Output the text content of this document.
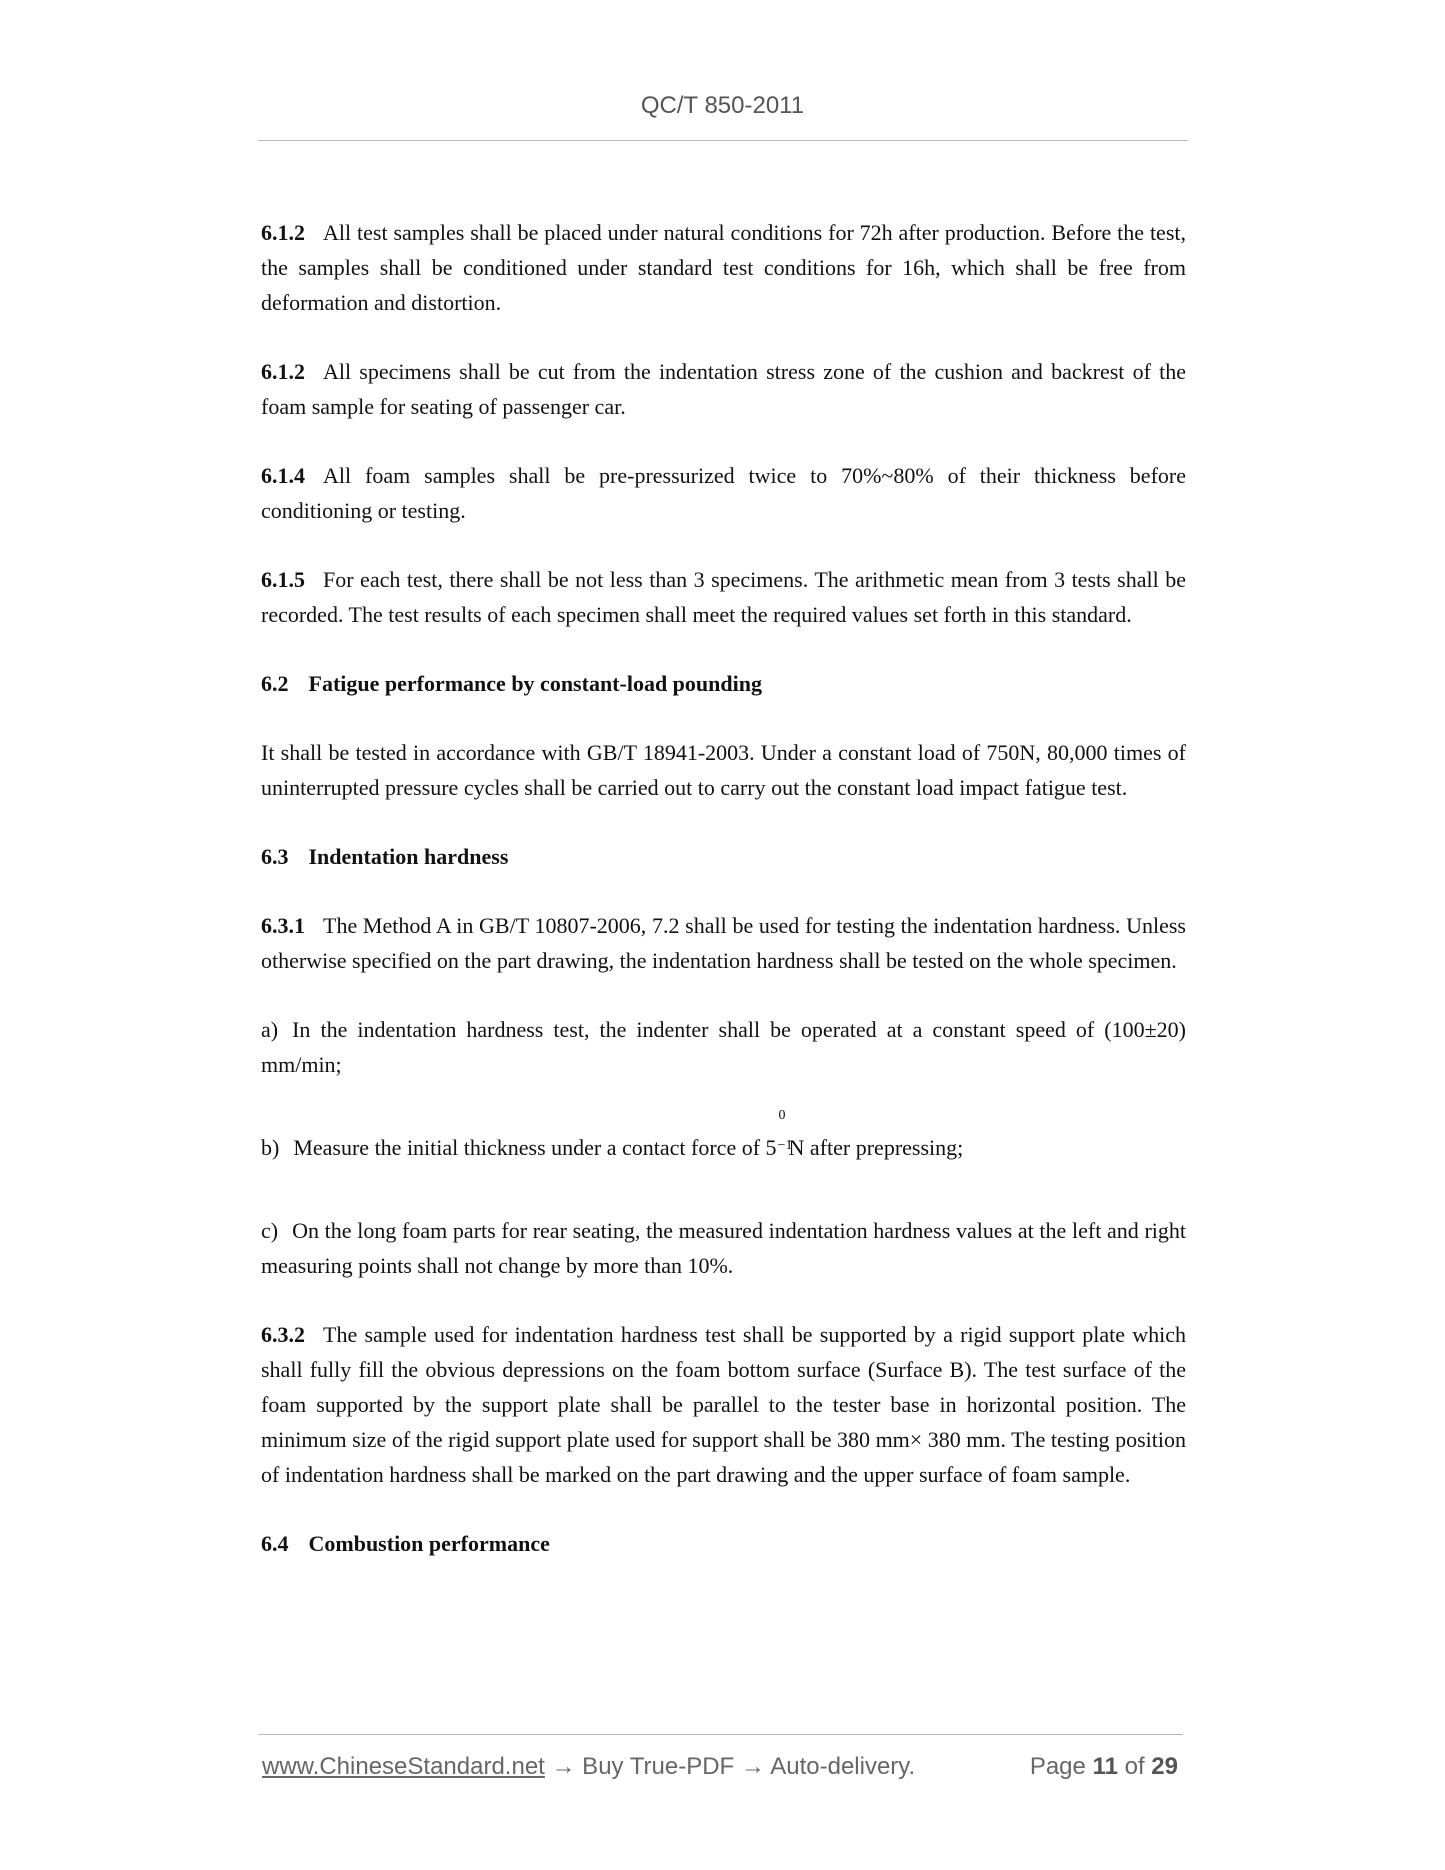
QC/T 850-2011

6.1.2 All test samples shall be placed under natural conditions for 72h after production. Before the test, the samples shall be conditioned under standard test conditions for 16h, which shall be free from deformation and distortion.

6.1.2 All specimens shall be cut from the indentation stress zone of the cushion and backrest of the foam sample for seating of passenger car.

6.1.4 All foam samples shall be pre-pressurized twice to 70%~80% of their thickness before conditioning or testing.

6.1.5 For each test, there shall be not less than 3 specimens. The arithmetic mean from 3 tests shall be recorded. The test results of each specimen shall meet the required values set forth in this standard.

6.2 Fatigue performance by constant-load pounding

It shall be tested in accordance with GB/T 18941-2003. Under a constant load of 750N, 80,000 times of uninterrupted pressure cycles shall be carried out to carry out the constant load impact fatigue test.

6.3 Indentation hardness

6.3.1 The Method A in GB/T 10807-2006, 7.2 shall be used for testing the indentation hardness. Unless otherwise specified on the part drawing, the indentation hardness shall be tested on the whole specimen.

a) In the indentation hardness test, the indenter shall be operated at a constant speed of (100±20) mm/min;

b) Measure the initial thickness under a contact force of 5
0
−1
N after prepressing;

c) On the long foam parts for rear seating, the measured indentation hardness values at the left and right measuring points shall not change by more than 10%.

6.3.2 The sample used for indentation hardness test shall be supported by a rigid support plate which shall fully fill the obvious depressions on the foam bottom surface (Surface B). The test surface of the foam supported by the support plate shall be parallel to the tester base in horizontal position. The minimum size of the rigid support plate used for support shall be 380 mm× 380 mm. The testing position of indentation hardness shall be marked on the part drawing and the upper surface of foam sample.

6.4 Combustion performance

www.ChineseStandard.net → Buy True-PDF → Auto-delivery.	Page 11 of 29
